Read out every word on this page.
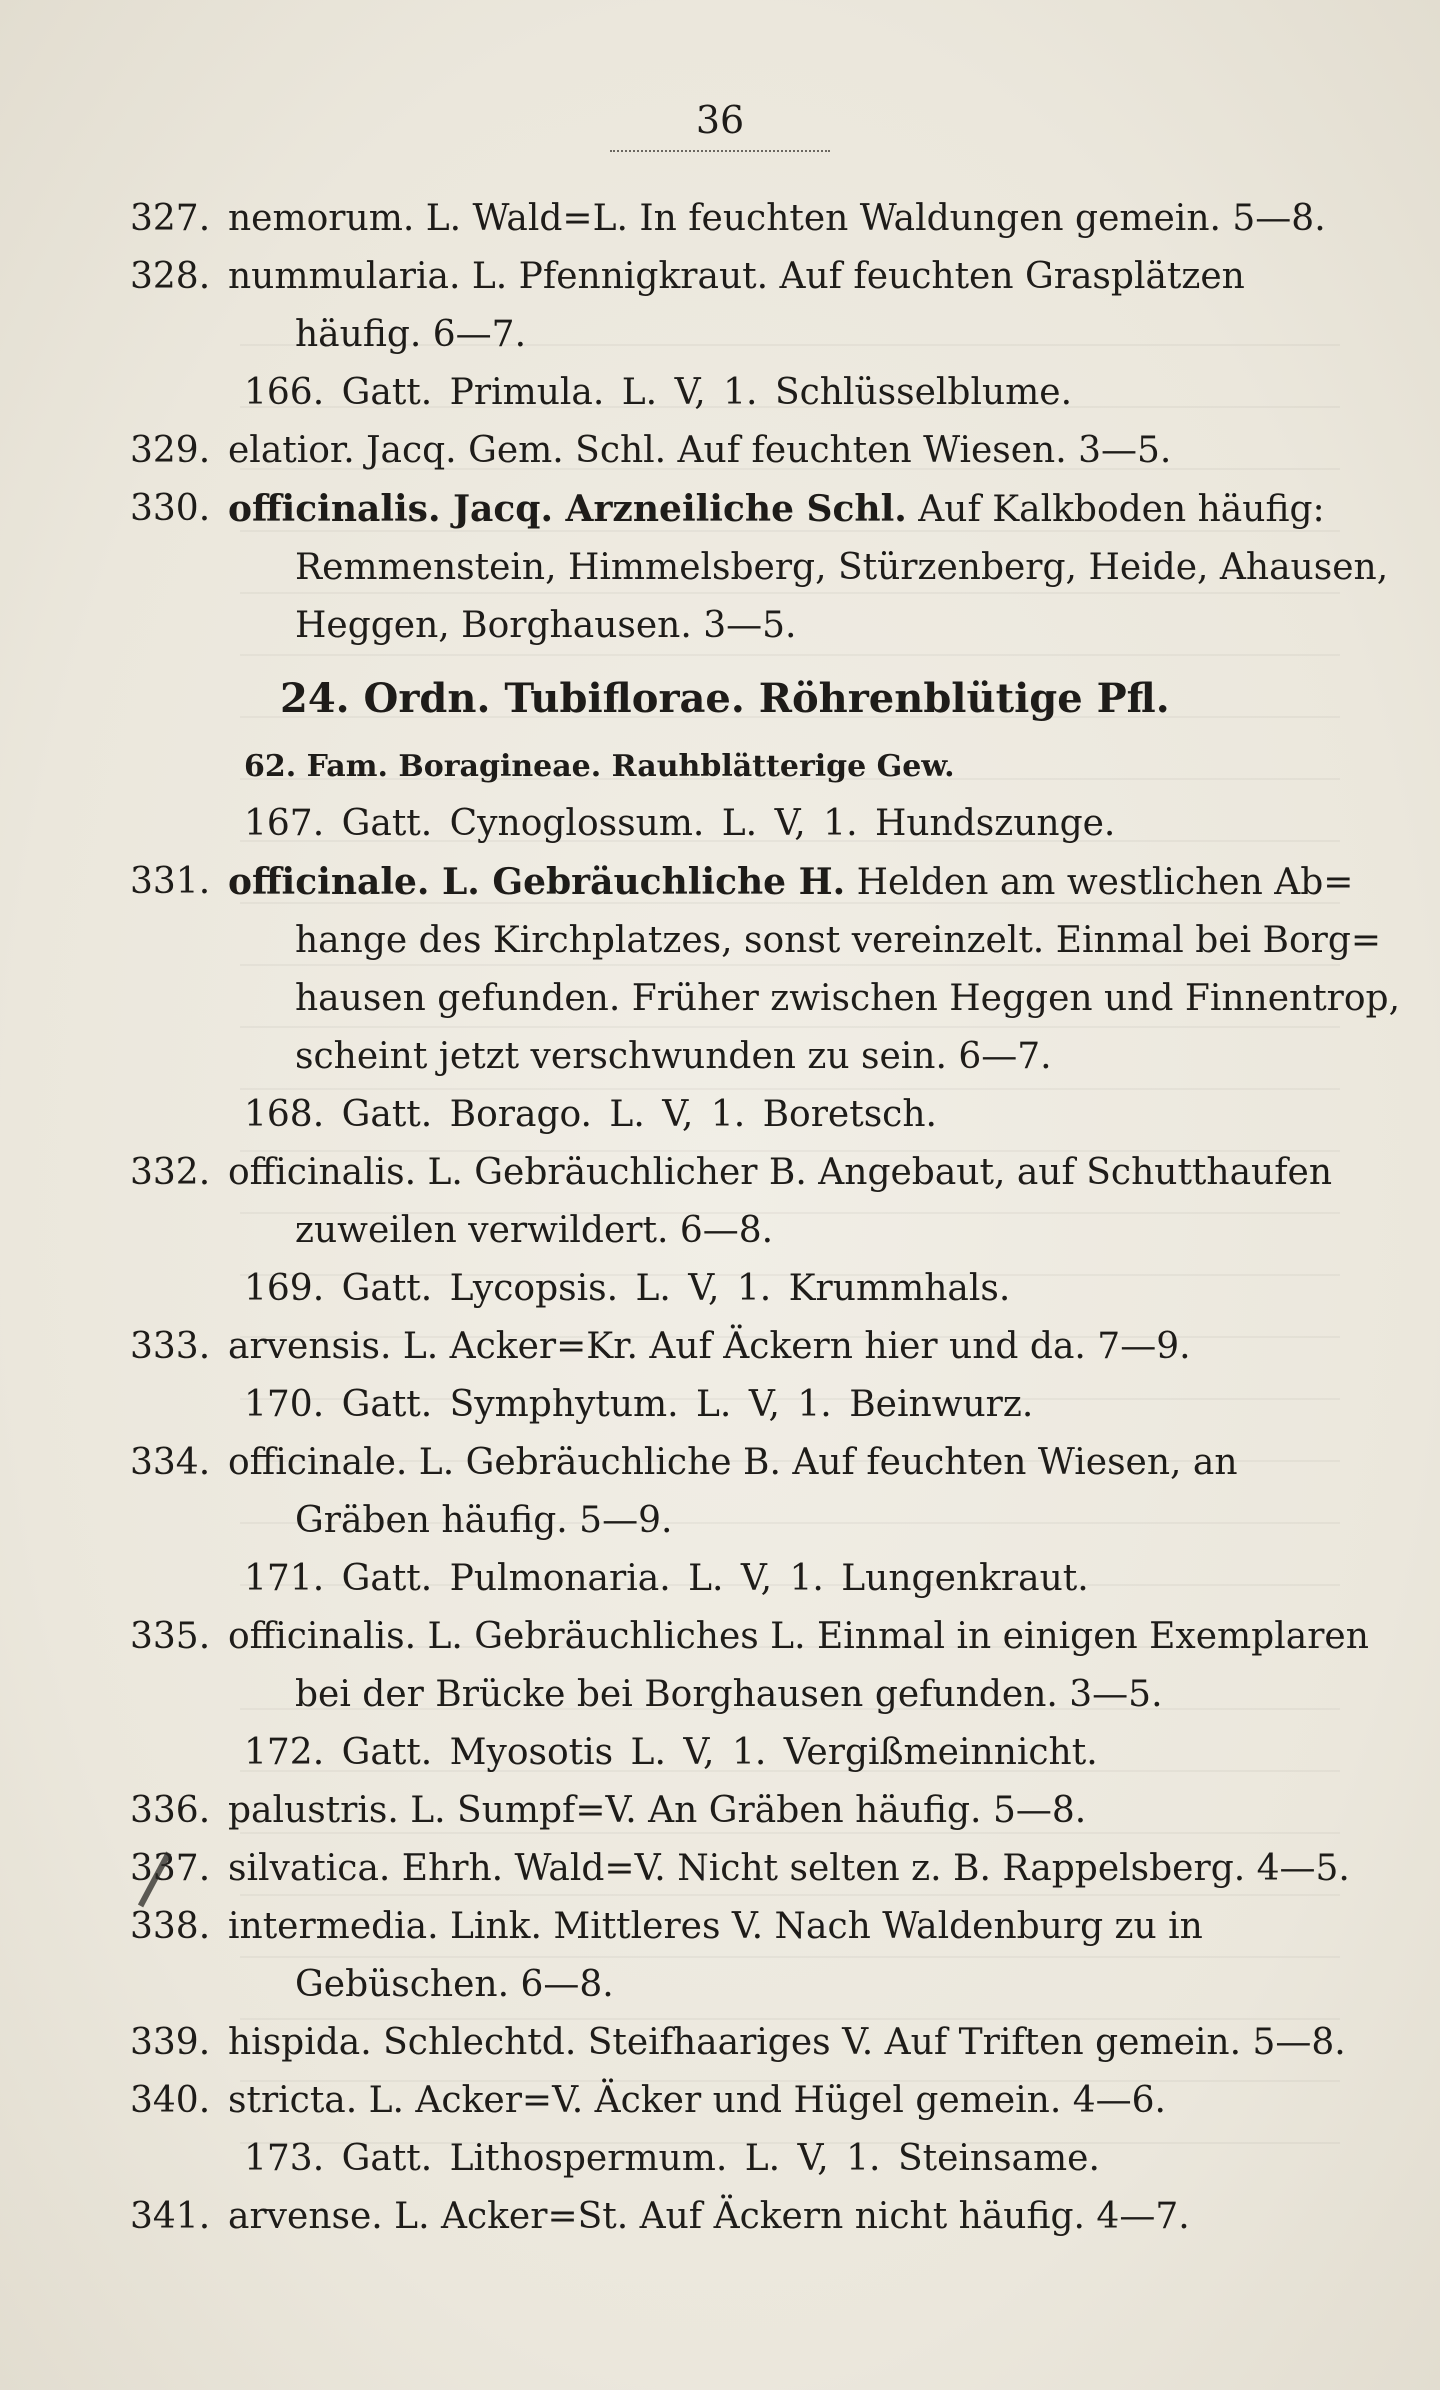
36
327. nemorum. L. Wald=L. In feuchten Waldungen gemein. 5—8.
328. nummularia. L. Pfennigkraut. Auf feuchten Grasplätzen
häufig. 6—7.
166. Gatt. Primula. L. V, 1. Schlüsselblume.
329. elatior. Jacq. Gem. Schl. Auf feuchten Wiesen. 3—5.
330. officinalis. Jacq. Arzneiliche Schl. Auf Kalkboden häufig:
Remmenstein, Himmelsberg, Stürzenberg, Heide, Ahausen,
Heggen, Borghausen. 3—5.
24. Ordn. Tubiflorae. Röhrenblütige Pfl.
62. Fam. Boragineae. Rauhblätterige Gew.
167. Gatt. Cynoglossum. L. V, 1. Hundszunge.
331. officinale. L. Gebräuchliche H. Helden am westlichen Ab=
hange des Kirchplatzes, sonst vereinzelt. Einmal bei Borg=
hausen gefunden. Früher zwischen Heggen und Finnentrop,
scheint jetzt verschwunden zu sein. 6—7.
168. Gatt. Borago. L. V, 1. Boretsch.
332. officinalis. L. Gebräuchlicher B. Angebaut, auf Schutthaufen
zuweilen verwildert. 6—8.
169. Gatt. Lycopsis. L. V, 1. Krummhals.
333. arvensis. L. Acker=Kr. Auf Äckern hier und da. 7—9.
170. Gatt. Symphytum. L. V, 1. Beinwurz.
334. officinale. L. Gebräuchliche B. Auf feuchten Wiesen, an
Gräben häufig. 5—9.
171. Gatt. Pulmonaria. L. V, 1. Lungenkraut.
335. officinalis. L. Gebräuchliches L. Einmal in einigen Exemplaren
bei der Brücke bei Borghausen gefunden. 3—5.
172. Gatt. Myosotis L. V, 1. Vergißmeinnicht.
336. palustris. L. Sumpf=V. An Gräben häufig. 5—8.
337. silvatica. Ehrh. Wald=V. Nicht selten z. B. Rappelsberg. 4—5.
338. intermedia. Link. Mittleres V. Nach Waldenburg zu in
Gebüschen. 6—8.
339. hispida. Schlechtd. Steifhaariges V. Auf Triften gemein. 5—8.
340. stricta. L. Acker=V. Äcker und Hügel gemein. 4—6.
173. Gatt. Lithospermum. L. V, 1. Steinsame.
341. arvense. L. Acker=St. Auf Äckern nicht häufig. 4—7.
